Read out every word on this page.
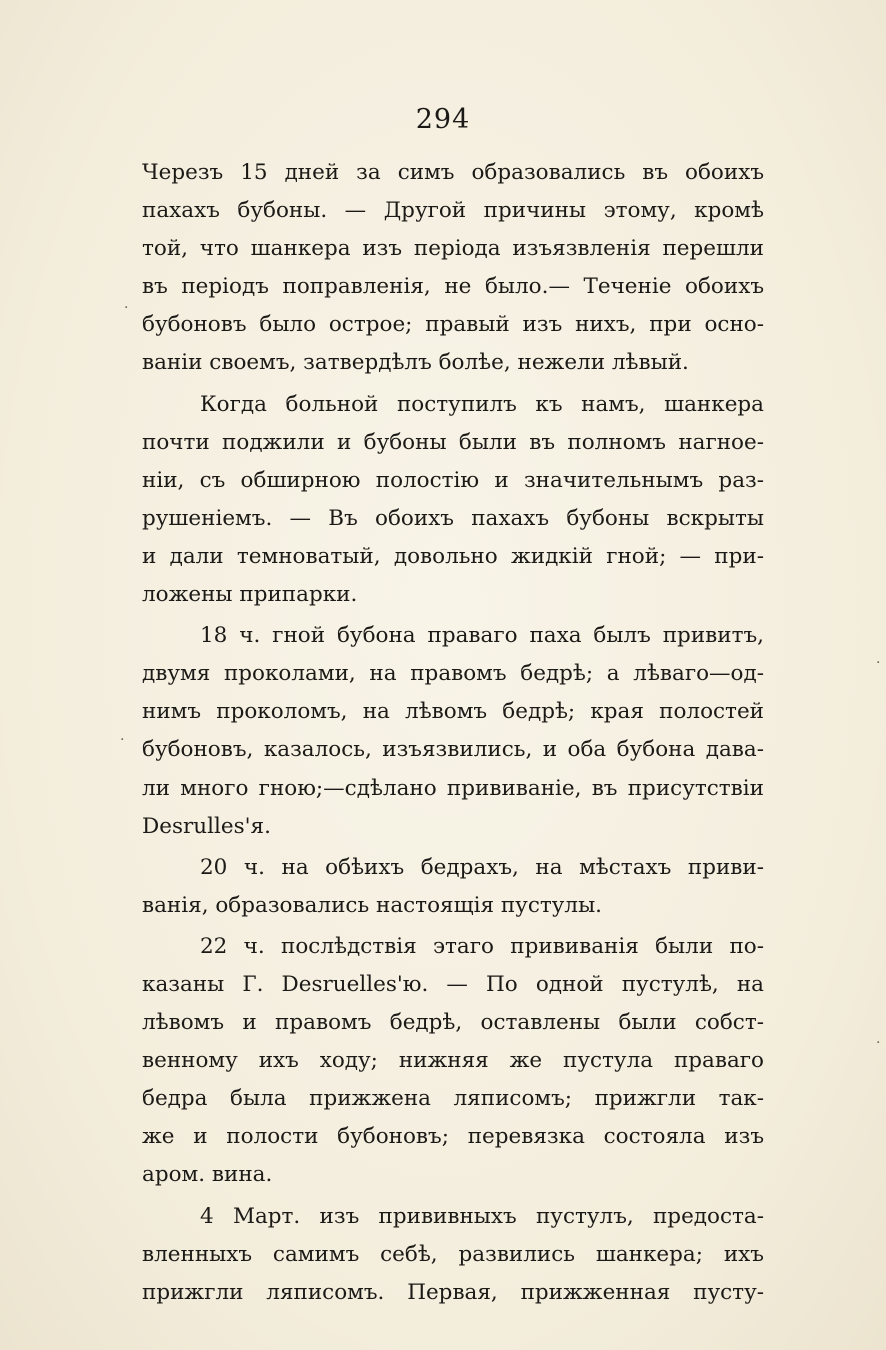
294
Черезъ 15 дней за симъ образовались въ обоихъ
пахахъ бубоны. — Другой причины этому, кромѣ
той, что шанкера изъ періода изъязвленія перешли
въ періодъ поправленія, не было.— Теченіе обоихъ
бубоновъ было острое; правый изъ нихъ, при осно-
ваніи своемъ, затвердѣлъ болѣе, нежели лѣвый.
Когда больной поступилъ къ намъ, шанкера
почти поджили и бубоны были въ полномъ нагное-
ніи, съ обширною полостію и значительнымъ раз-
рушеніемъ. — Въ обоихъ пахахъ бубоны вскрыты
и дали темноватый, довольно жидкій гной; — при-
ложены припарки.
18 ч. гной бубона праваго паха былъ привитъ,
двумя проколами, на правомъ бедрѣ; а лѣваго—од-
нимъ проколомъ, на лѣвомъ бедрѣ; края полостей
бубоновъ, казалось, изъязвились, и оба бубона дава-
ли много гною;—сдѣлано прививаніе, въ присутствіи
Desrulles'я.
20 ч. на обѣихъ бедрахъ, на мѣстахъ приви-
ванія, образовались настоящія пустулы.
22 ч. послѣдствія этаго прививанія были по-
казаны Г. Desruelles'ю. — По одной пустулѣ, на
лѣвомъ и правомъ бедрѣ, оставлены были собст-
венному ихъ ходу; нижняя же пустула праваго
бедра была прижжена ляписомъ; прижгли так-
же и полости бубоновъ; перевязка состояла изъ
аром. вина.
4 Март. изъ прививныхъ пустулъ, предоста-
вленныхъ самимъ себѣ, развились шанкера; ихъ
прижгли ляписомъ. Первая, прижженная пусту-
·
·
·
.
